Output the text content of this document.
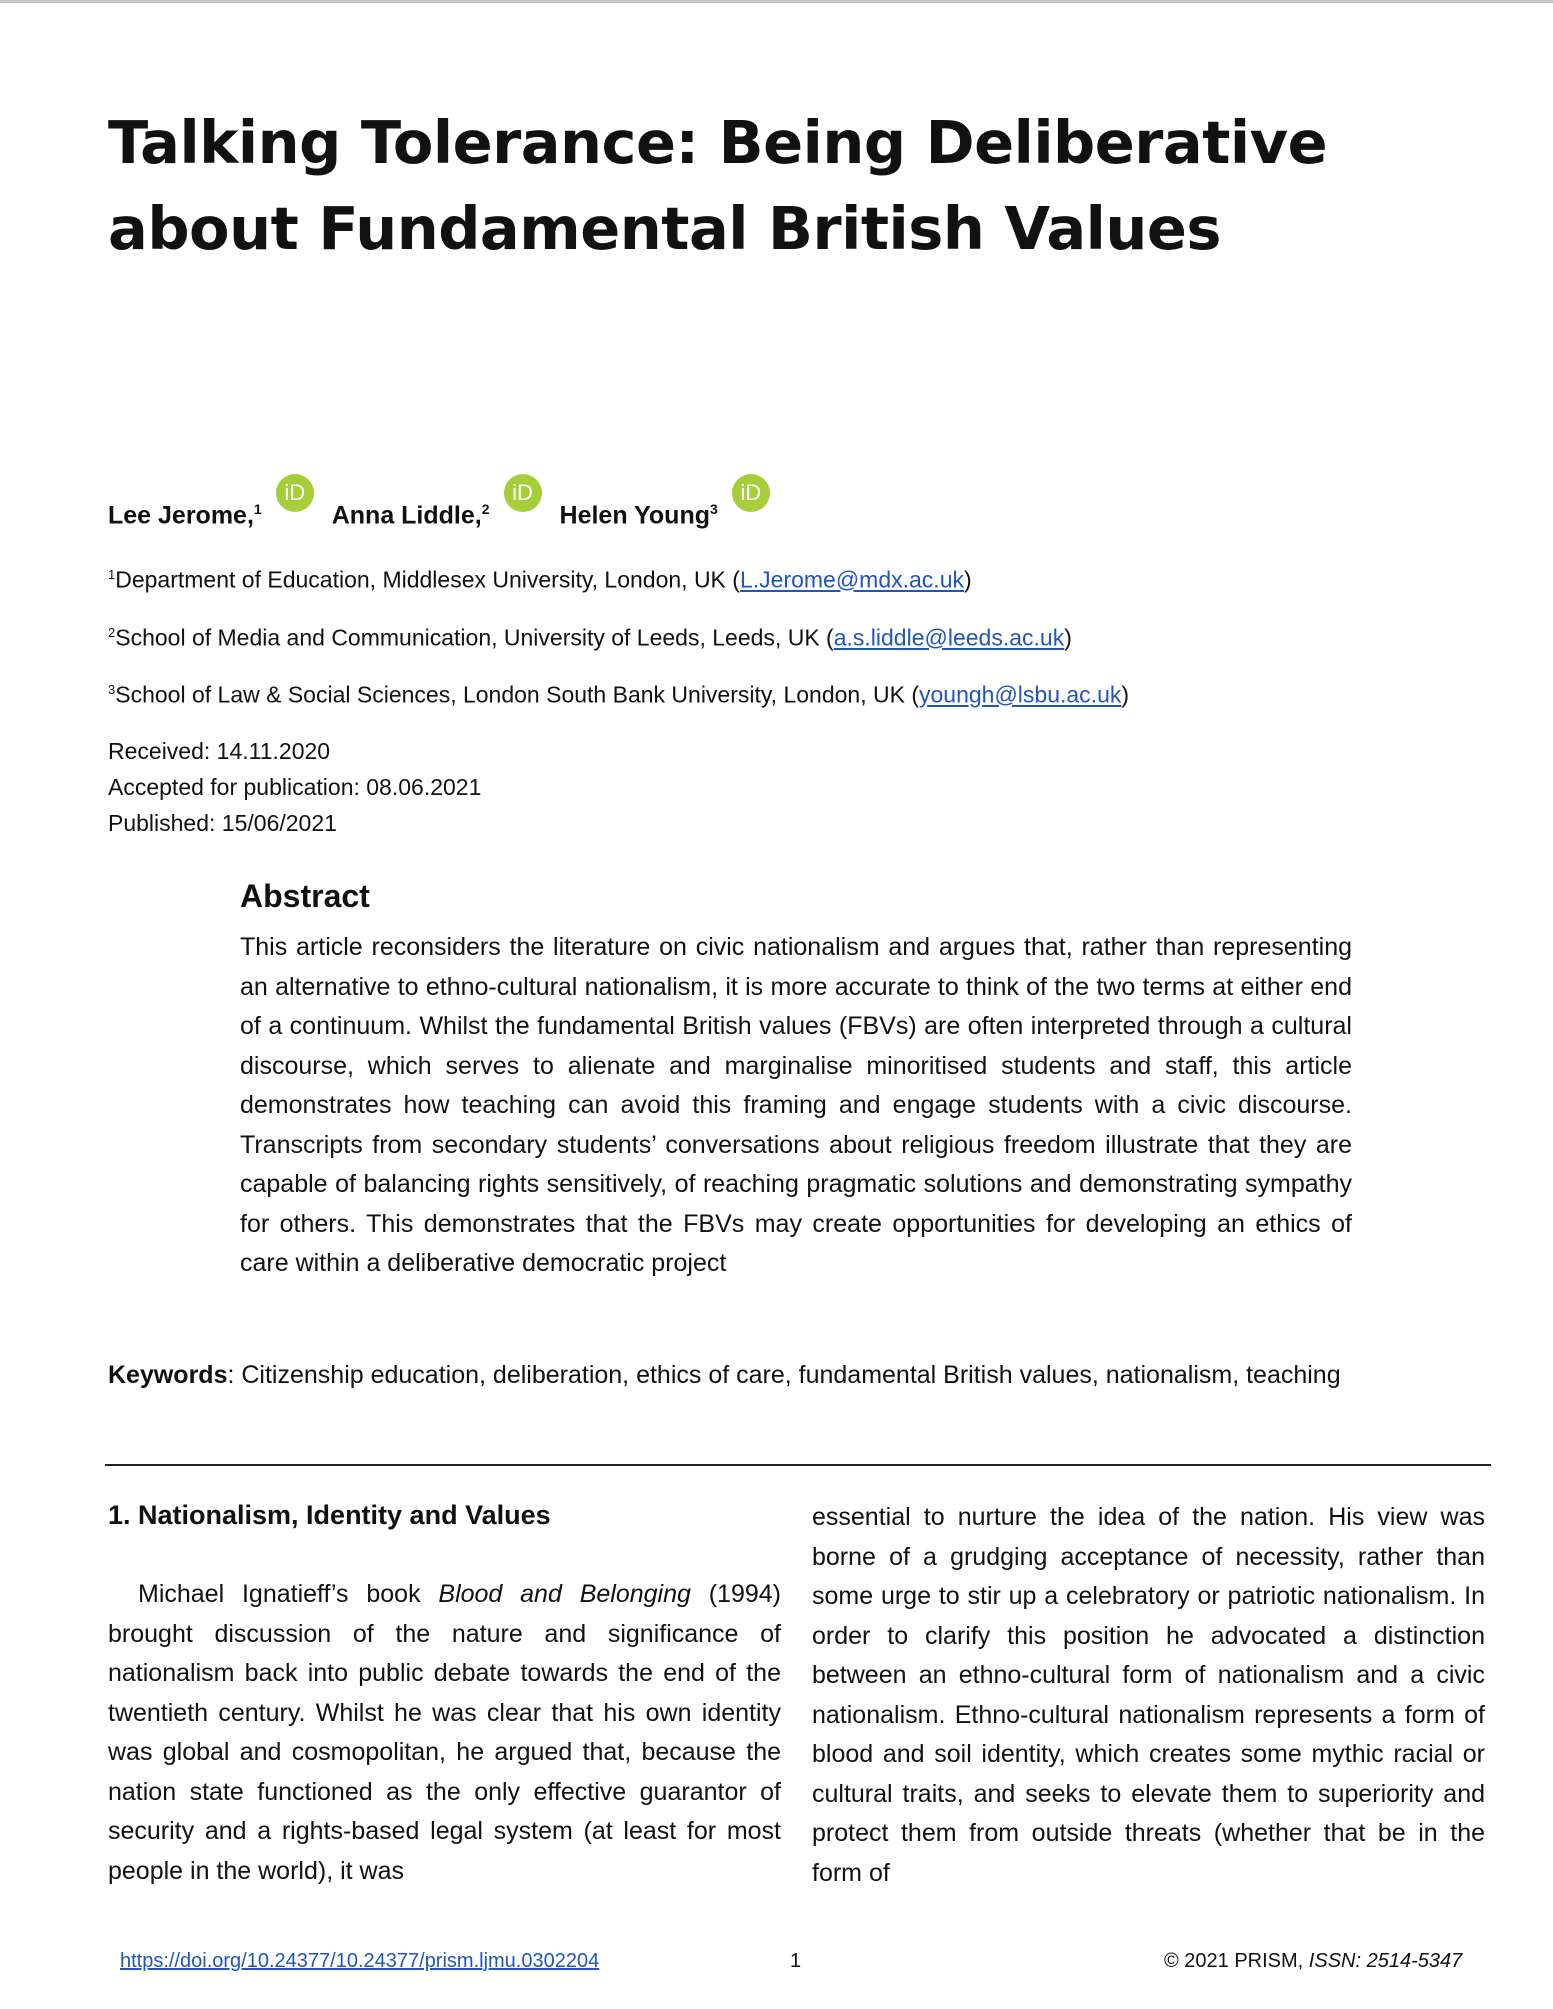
Talking Tolerance: Being Deliberative about Fundamental British Values
Lee Jerome,$^1$
iD
Anna Liddle,$^2$
iD
Helen Young$^3$
iD

$^1$Department of Education, Middlesex University, London, UK (L.Jerome@mdx.ac.uk)

$^2$School of Media and Communication, University of Leeds, Leeds, UK (a.s.liddle@leeds.ac.uk)

$^3$School of Law & Social Sciences, London South Bank University, London, UK (youngh@lsbu.ac.uk)

Received: 14.11.2020
Accepted for publication: 08.06.2021
Published: 15/06/2021
Abstract

This article reconsiders the literature on civic nationalism and argues that, rather than representing an alternative to ethno-cultural nationalism, it is more accurate to think of the two terms at either end of a continuum. Whilst the fundamental British values (FBVs) are often interpreted through a cultural discourse, which serves to alienate and marginalise minoritised students and staff, this article demonstrates how teaching can avoid this framing and engage students with a civic discourse. Transcripts from secondary students’ conversations about religious freedom illustrate that they are capable of balancing rights sensitively, of reaching pragmatic solutions and demonstrating sympathy for others. This demonstrates that the FBVs may create opportunities for developing an ethics of care within a deliberative democratic project

Keywords: Citizenship education, deliberation, ethics of care, fundamental British values, nationalism, teaching

1. Nationalism, Identity and Values

Michael Ignatieff’s book Blood and Belonging (1994) brought discussion of the nature and significance of nationalism back into public debate towards the end of the twentieth century. Whilst he was clear that his own identity was global and cosmopolitan, he argued that, because the nation state functioned as the only effective guarantor of security and a rights-based legal system (at least for most people in the world), it was

essential to nurture the idea of the nation. His view was borne of a grudging acceptance of necessity, rather than some urge to stir up a celebratory or patriotic nationalism. In order to clarify this position he advocated a distinction between an ethno-cultural form of nationalism and a civic nationalism. Ethno-cultural nationalism represents a form of blood and soil identity, which creates some mythic racial or cultural traits, and seeks to elevate them to superiority and protect them from outside threats (whether that be in the form of

https://doi.org/10.24377/10.24377/prism.ljmu.0302204	1	© 2021 PRISM, ISSN: 2514-5347
